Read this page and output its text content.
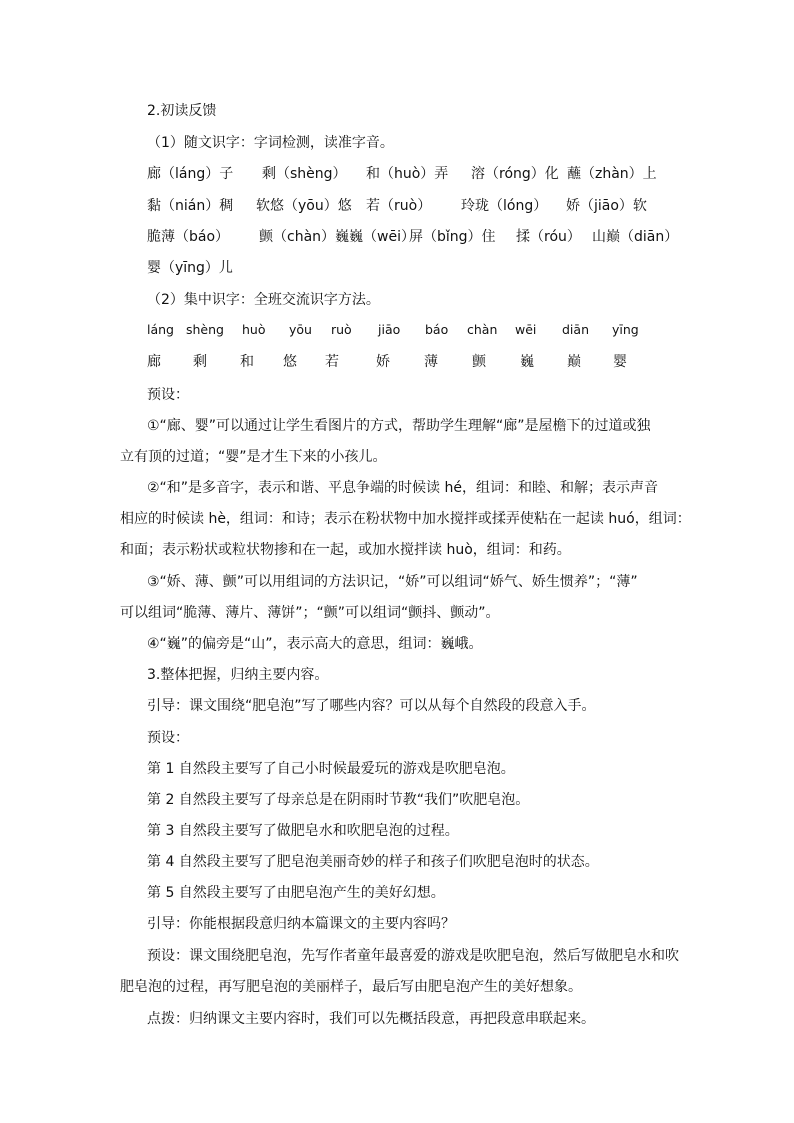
2.初读反馈
（1）随文识字：字词检测，读准字音。
廊（láng）子 剩（shèng） 和（huò）弄 溶（róng）化 蘸（zhàn）上
黏（nián）稠 软悠（yōu）悠 若（ruò） 玲珑（lóng） 娇（jiāo）软
脆薄（báo） 颤（chàn）巍巍（wēi）
屏（bǐng）住 揉（róu） 山巅（diān）
婴（yīng）儿
（2）集中识字：全班交流识字方法。
láng shèng huò yōu ruò jiāo báo chàn wēi diān yīng
廊 剩 和 悠 若	娇 薄 颤 巍 巅 婴
预设：
①“廊、婴”可以通过让学生看图片的方式，帮助学生理解“廊”是屋檐下的过道或独
立有顶的过道；“婴”是才生下来的小孩儿。
②“和”是多音字，表示和谐、平息争端的时候读 hé，组词：和睦、和解；表示声音
相应的时候读 hè，组词：和诗；表示在粉状物中加水搅拌或揉弄使粘在一起读 huó，组词：
和面；表示粉状或粒状物掺和在一起，或加水搅拌读 huò，组词：和药。
③“娇、薄、颤”可以用组词的方法识记，“娇”可以组词“娇气、娇生惯养”；“薄”
可以组词“脆薄、薄片、薄饼”；“颤”可以组词“颤抖、颤动”。
④“巍”的偏旁是“山”，表示高大的意思，组词：巍峨。
3.整体把握，归纳主要内容。
引导：课文围绕“肥皂泡”写了哪些内容？可以从每个自然段的段意入手。
预设：
第 1 自然段主要写了自己小时候最爱玩的游戏是吹肥皂泡。
第 2 自然段主要写了母亲总是在阴雨时节教“我们”吹肥皂泡。
第 3 自然段主要写了做肥皂水和吹肥皂泡的过程。
第 4 自然段主要写了肥皂泡美丽奇妙的样子和孩子们吹肥皂泡时的状态。
第 5 自然段主要写了由肥皂泡产生的美好幻想。
引导：你能根据段意归纳本篇课文的主要内容吗？
预设：课文围绕肥皂泡，先写作者童年最喜爱的游戏是吹肥皂泡，然后写做肥皂水和吹
肥皂泡的过程，再写肥皂泡的美丽样子，最后写由肥皂泡产生的美好想象。
点拨：归纳课文主要内容时，我们可以先概括段意，再把段意串联起来。
